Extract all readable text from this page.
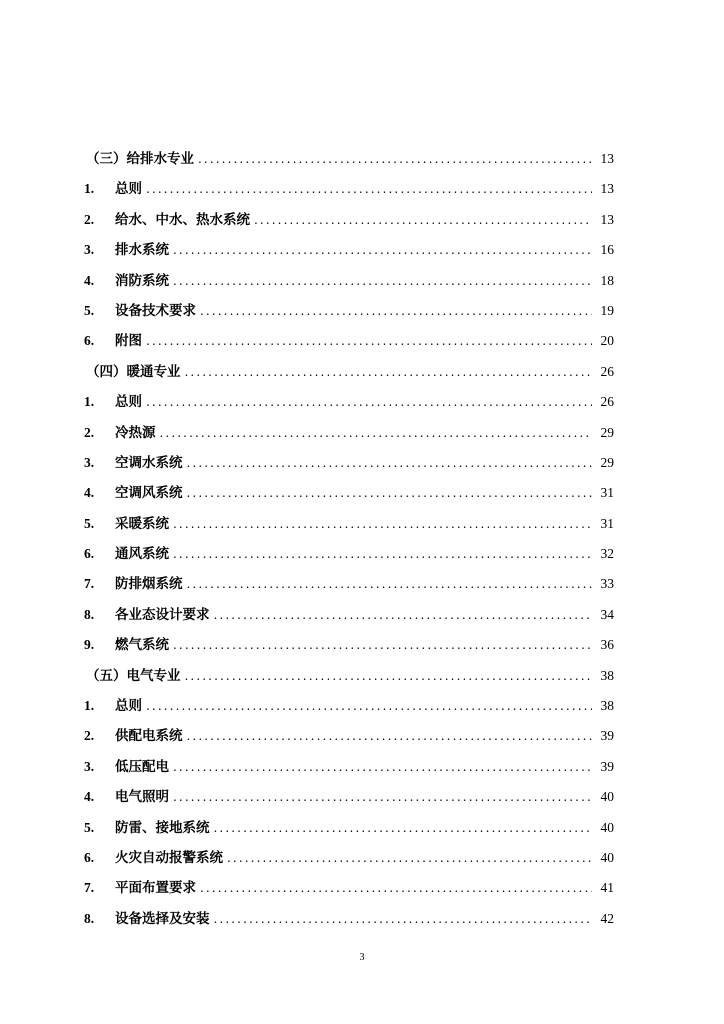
（三）给排水专业 .....	13
1.	总则 .....	13
2.	给水、中水、热水系统 .....	13
3.	排水系统 .....	16
4.	消防系统 .....	18
5.	设备技术要求 .....	19
6.	附图 .....	20
（四）暖通专业 .....	26
1.	总则 .....	26
2.	冷热源 .....	29
3.	空调水系统 .....	29
4.	空调风系统 .....	31
5.	采暖系统 .....	31
6.	通风系统 .....	32
7.	防排烟系统 .....	33
8.	各业态设计要求 .....	34
9.	燃气系统 .....	36
（五）电气专业 .....	38
1.	总则 .....	38
2.	供配电系统 .....	39
3.	低压配电 .....	39
4.	电气照明 .....	40
5.	防雷、接地系统 .....	40
6.	火灾自动报警系统 .....	40
7.	平面布置要求 .....	41
8.	设备选择及安装 .....	42
3
